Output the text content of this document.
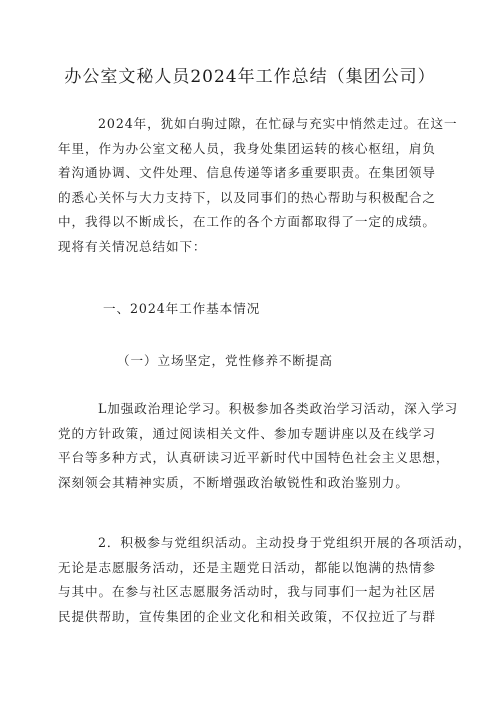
办公室文秘人员2024年工作总结（集团公司）
2024年，犹如白驹过隙，在忙碌与充实中悄然走过。在这一
年里，作为办公室文秘人员，我身处集团运转的核心枢纽，肩负
着沟通协调、文件处理、信息传递等诸多重要职责。在集团领导
的悉心关怀与大力支持下，以及同事们的热心帮助与积极配合之
中，我得以不断成长，在工作的各个方面都取得了一定的成绩。
现将有关情况总结如下：
一、2024年工作基本情况
（一）立场坚定，党性修养不断提高
L加强政治理论学习。积极参加各类政治学习活动，深入学习
党的方针政策，通过阅读相关文件、参加专题讲座以及在线学习
平台等多种方式，认真研读习近平新时代中国特色社会主义思想，
深刻领会其精神实质，不断增强政治敏锐性和政治鉴别力。
2．积极参与党组织活动。主动投身于党组织开展的各项活动，
无论是志愿服务活动，还是主题党日活动，都能以饱满的热情参
与其中。在参与社区志愿服务活动时，我与同事们一起为社区居
民提供帮助，宣传集团的企业文化和相关政策，不仅拉近了与群
